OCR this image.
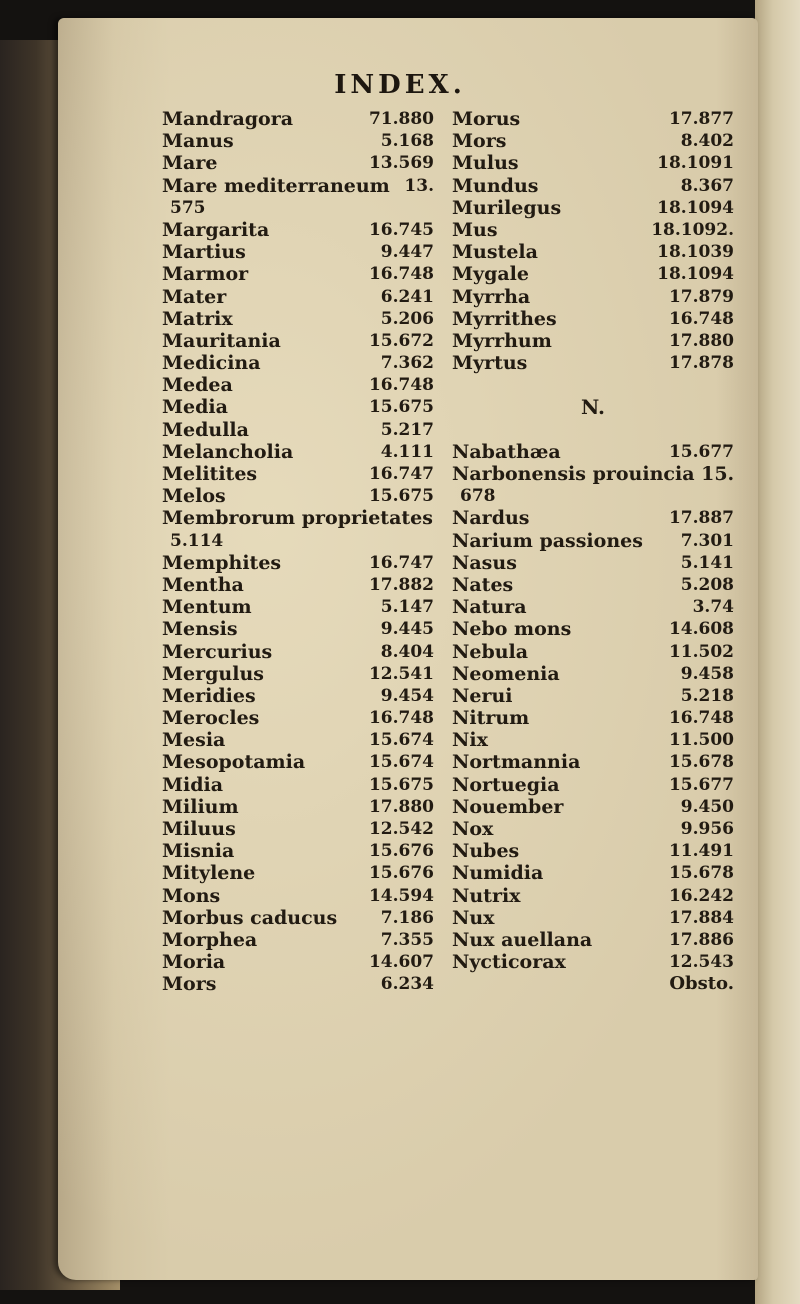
INDEX.
Mandragora	71.880
Manus	5.168
Mare	13.569
Mare mediterraneum 13.
575
Margarita	16.745
Martius	9.447
Marmor	16.748
Mater	6.241
Matrix	5.206
Mauritania	15.672
Medicina	7.362
Medea	16.748
Media	15.675
Medulla	5.217
Melancholia	4.111
Melitites	16.747
Melos	15.675
Membrorum proprietates
5.114
Memphites	16.747
Mentha	17.882
Mentum	5.147
Mensis	9.445
Mercurius	8.404
Mergulus	12.541
Meridies	9.454
Merocles	16.748
Mesia	15.674
Mesopotamia	15.674
Midia	15.675
Milium	17.880
Miluus	12.542
Misnia	15.676
Mitylene	15.676
Mons	14.594
Morbus caducus	7.186
Morphea	7.355
Moria	14.607
Mors	6.234
Morus	17.877
Mors	8.402
Mulus	18.1091
Mundus	8.367
Murilegus	18.1094
Mus	18.1092.
Mustela	18.1039
Mygale	18.1094
Myrrha	17.879
Myrrithes	16.748
Myrrhum	17.880
Myrtus	17.878
N.
Nabathæa	15.677
Narbonensis prouincia 15.
678
Nardus	17.887
Narium passiones 7.301
Nasus	5.141
Nates	5.208
Natura	3.74
Nebo mons	14.608
Nebula	11.502
Neomenia	9.458
Neruі	5.218
Nitrum	16.748
Nix	11.500
Nortmannia	15.678
Nortuegia	15.677
Nouember	9.450
Nox	9.956
Nubes	11.491
Numidia	15.678
Nutrix	16.242
Nux	17.884
Nux auellana	17.886
Nycticorax	12.543
Obsto.
